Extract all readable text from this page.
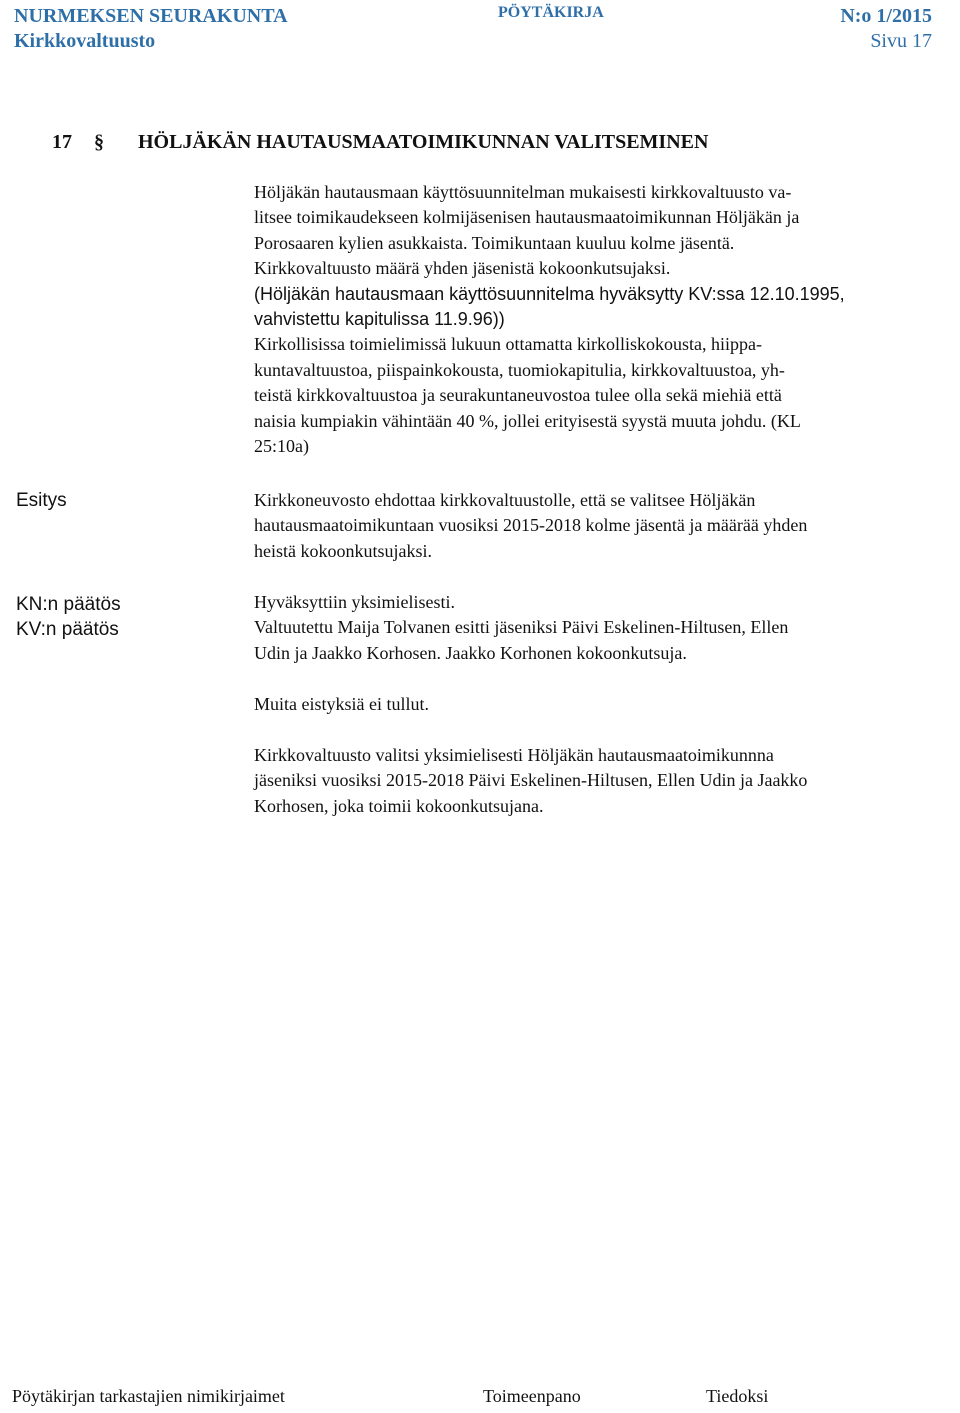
NURMEKSEN SEURAKUNTA	N:o 1/2015
PÖYTÄKIRJA
Kirkkovaltuusto	Sivu 17
17	§	HÖLJÄKÄN HAUTAUSMAATOIMIKUNNAN VALITSEMINEN

Höljäkän hautausmaan käyttösuunnitelman mukaisesti kirkkovaltuusto va-

litsee toimikaudekseen kolmijäsenisen hautausmaatoimikunnan Höljäkän ja

Porosaaren kylien asukkaista. Toimikuntaan kuuluu kolme jäsentä.

Kirkkovaltuusto määrä yhden jäsenistä kokoonkutsujaksi.

(Höljäkän hautausmaan käyttösuunnitelma hyväksytty KV:ssa 12.10.1995,

vahvistettu kapitulissa 11.9.96))

Kirkollisissa toimielimissä lukuun ottamatta kirkolliskokousta, hiippa-

kuntavaltuustoa, piispainkokousta, tuomiokapitulia, kirkkovaltuustoa, yh-

teistä kirkkovaltuustoa ja seurakuntaneuvostoa tulee olla sekä miehiä että

naisia kumpiakin vähintään 40 %, jollei erityisestä syystä muuta johdu. (KL

25:10a)

Esitys
KN:n päätös
KV:n päätös

Kirkkoneuvosto ehdottaa kirkkovaltuustolle, että se valitsee Höljäkän

hautausmaatoimikuntaan vuosiksi 2015-2018 kolme jäsentä ja määrää yhden

heistä kokoonkutsujaksi.

Hyväksyttiin yksimielisesti.

Valtuutettu Maija Tolvanen esitti jäseniksi Päivi Eskelinen-Hiltusen, Ellen

Udin ja Jaakko Korhosen. Jaakko Korhonen kokoonkutsuja.

Muita eistyksiä ei tullut.

Kirkkovaltuusto valitsi yksimielisesti Höljäkän hautausmaatoimikunnna

jäseniksi vuosiksi 2015-2018 Päivi Eskelinen-Hiltusen, Ellen Udin ja Jaakko

Korhosen, joka toimii kokoonkutsujana.

Pöytäkirjan tarkastajien nimikirjaimet	Toimeenpano	Tiedoksi
